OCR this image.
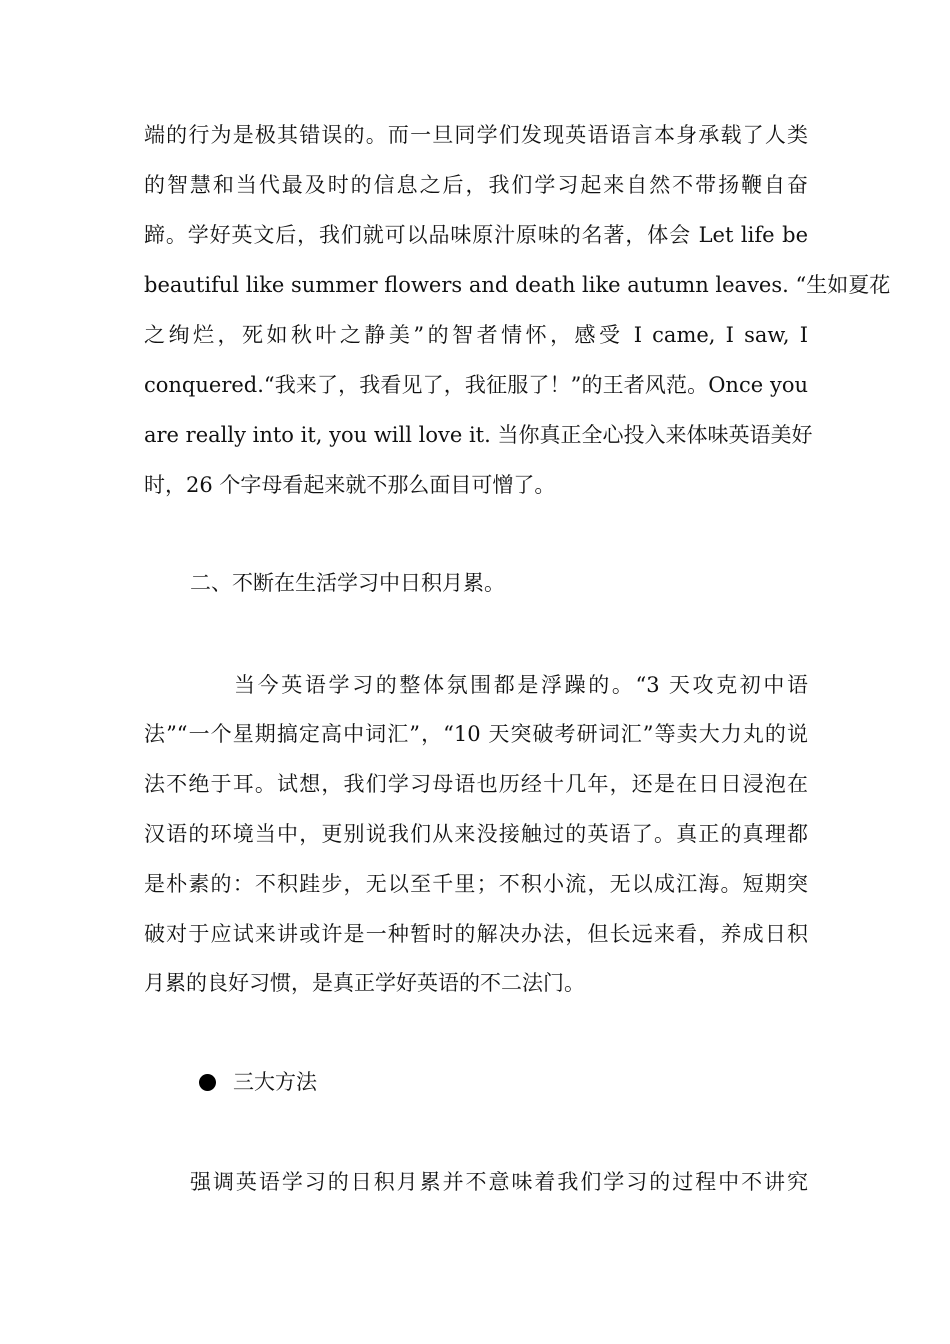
端的行为是极其错误的。而一旦同学们发现英语语言本身承载了人类
的智慧和当代最及时的信息之后，我们学习起来自然不带扬鞭自奋
蹄。学好英文后，我们就可以品味原汁原味的名著，体会 Let life be
beautiful like summer flowers and death like autumn leaves. “生如夏花
之绚烂，死如秋叶之静美”的智者情怀，感受 I came, I saw, I
conquered.“我来了，我看见了，我征服了！”的王者风范。Once you
are really into it, you will love it. 当你真正全心投入来体味英语美好
时，26 个字母看起来就不那么面目可憎了。
二、不断在生活学习中日积月累。
当今英语学习的整体氛围都是浮躁的。“3 天攻克初中语
法”“一个星期搞定高中词汇”，“10 天突破考研词汇”等卖大力丸的说
法不绝于耳。试想，我们学习母语也历经十几年，还是在日日浸泡在
汉语的环境当中，更别说我们从来没接触过的英语了。真正的真理都
是朴素的：不积跬步，无以至千里；不积小流，无以成江海。短期突
破对于应试来讲或许是一种暂时的解决办法，但长远来看，养成日积
月累的良好习惯，是真正学好英语的不二法门。
三大方法
强调英语学习的日积月累并不意味着我们学习的过程中不讲究
